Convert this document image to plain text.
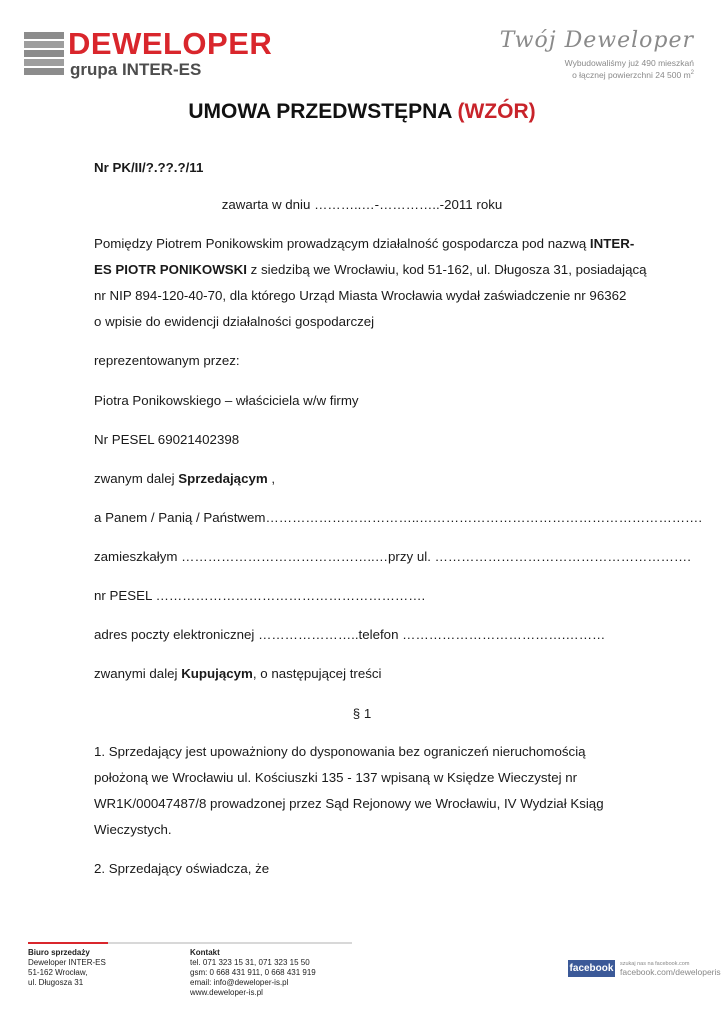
DEWELOPER
grupa INTER-ES
Twój Deweloper
Wybudowaliśmy już 490 mieszkań
o łącznej powierzchni 24 500 $m^2$
UMOWA PRZEDWSTĘPNA (WZÓR)
Nr PK/II/?.??.?/11
zawarta w dniu ………..…-…………..-2011 roku
Pomiędzy Piotrem Ponikowskim prowadzącym działalność gospodarcza pod nazwą INTER-
ES PIOTR PONIKOWSKI z siedzibą we Wrocławiu, kod 51-162, ul. Długosza 31, posiadającą
nr NIP 894-120-40-70, dla którego Urząd Miasta Wrocławia wydał zaświadczenie nr 96362
o wpisie do ewidencji działalności gospodarczej
reprezentowanym przez:
Piotra Ponikowskiego – właściciela w/w firmy
Nr PESEL 69021402398
zwanym dalej Sprzedającym ,
a Panem / Panią / Państwem……………………………..……………………………………………………….
zamieszkałym ……………………………………..…przy ul. ………………………………………………….
nr PESEL …………………………………………………….
adres poczty elektronicznej …………………..telefon ……………………………….………
zwanymi dalej Kupującym, o następującej treści
§ 1
1. Sprzedający jest upoważniony do dysponowania bez ograniczeń nieruchomością
położoną we Wrocławiu ul. Kościuszki 135 - 137 wpisaną w Księdze Wieczystej nr
WR1K/00047487/8 prowadzonej przez Sąd Rejonowy we Wrocławiu, IV Wydział Ksiąg
Wieczystych.
2. Sprzedający oświadcza, że
Biuro sprzedaży
Deweloper INTER-ES
51-162 Wrocław,
ul. Długosza 31
Kontakt
tel. 071 323 15 31, 071 323 15 50
gsm: 0 668 431 911, 0 668 431 919
email: info@deweloper-is.pl
www.deweloper-is.pl
facebook szukaj nas na facebook.com
facebook.com/deweloperis
